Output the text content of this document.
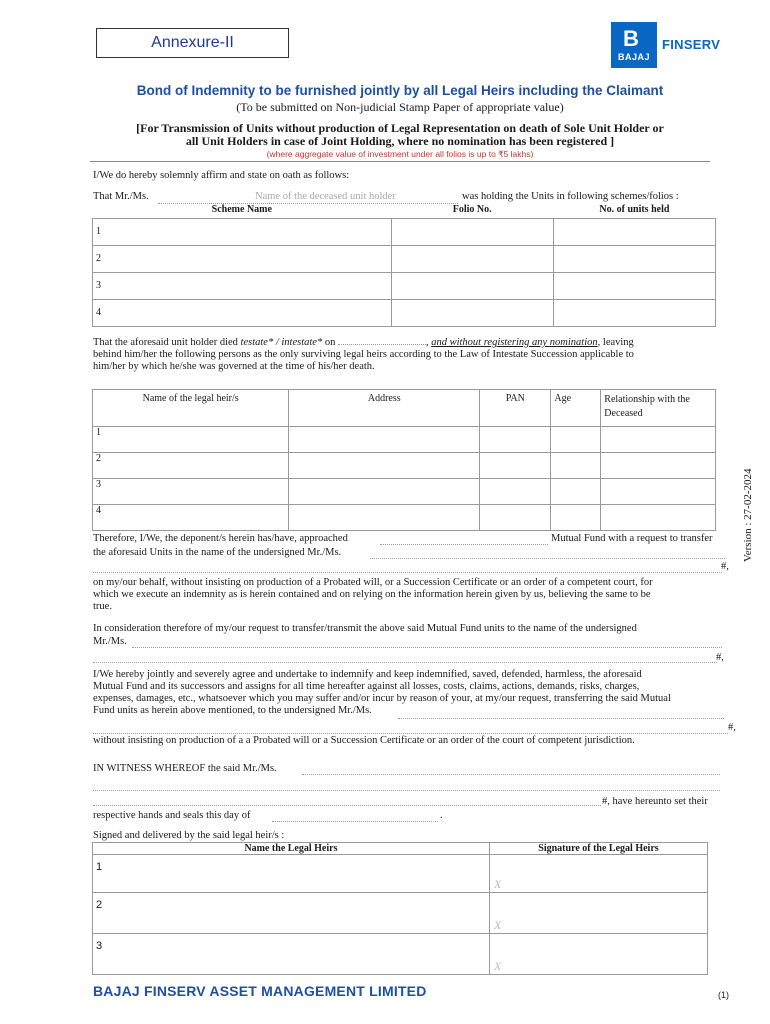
Annexure-II	B
BAJAJ
FINSERV
Bond of Indemnity to be furnished jointly by all Legal Heirs including the Claimant
(To be submitted on Non-judicial Stamp Paper of appropriate value)
[For Transmission of Units without production of Legal Representation on death of Sole Unit Holder or
all Unit Holders in case of Joint Holding, where no nomination has been registered ]
(where aggregate value of investment under all folios is up to ₹5 lakhs)
I/We do hereby solemnly affirm and state on oath as follows:
That Mr./Ms.	Name of the deceased unit holder	was holding the Units in following schemes/folios :
Scheme Name	Folio No.	No. of units held
1		
2		
3		
4		
That the aforesaid unit holder died testate* / intestate* on	, and without registering any nomination, leaving
behind him/her the following persons as the only surviving legal heirs according to the Law of Intestate Succession applicable to
him/her by which he/she was governed at the time of his/her death.
Name of the legal heir/s	Address	PAN	Age	Relationship with the Deceased
1				
2				
3				
4					Version : 27-02-2024
Therefore, I/We, the deponent/s herein has/have, approached	Mutual Fund with a request to transfer
the aforesaid Units in the name of the undersigned Mr./Ms.
#,
on my/our behalf, without insisting on production of a Probated will, or a Succession Certificate or an order of a competent court, for
which we execute an indemnity as is herein contained and on relying on the information herein given by us, believing the same to be
true.
In consideration therefore of my/our request to transfer/transmit the above said Mutual Fund units to the name of the undersigned
Mr./Ms.
#,
I/We hereby jointly and severely agree and undertake to indemnify and keep indemnified, saved, defended, harmless, the aforesaid
Mutual Fund and its successors and assigns for all time hereafter against all losses, costs, claims, actions, demands, risks, charges,
expenses, damages, etc., whatsoever which you may suffer and/or incur by reason of your, at my/our request, transferring the said Mutual
Fund units as herein above mentioned, to the undersigned Mr./Ms.
#,
without insisting on production of a a Probated will or a Succession Certificate or an order of the court of competent jurisdiction.
IN WITNESS WHEREOF the said Mr./Ms.
#, have hereunto set their
respective hands and seals this day of	.
Signed and delivered by the said legal heir/s :
Name the Legal Heirs	Signature of the Legal Heirs
1	X
2	X
3	X
BAJAJ FINSERV ASSET MANAGEMENT LIMITED	(1)
